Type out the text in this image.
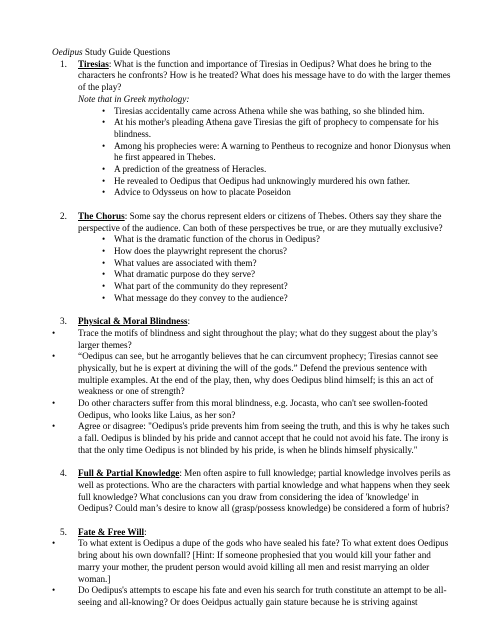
Oedipus Study Guide Questions

1. Tiresias: What is the function and importance of Tiresias in Oedipus? What does he bring to the characters he confronts? How is he treated? What does his message have to do with the larger themes of the play?

Note that in Greek mythology:

• Tiresias accidentally came across Athena while she was bathing, so she blinded him.
• At his mother's pleading Athena gave Tiresias the gift of prophecy to compensate for his blindness.
• Among his prophecies were: A warning to Pentheus to recognize and honor Dionysus when he first appeared in Thebes.
• A prediction of the greatness of Heracles.
• He revealed to Oedipus that Oedipus had unknowingly murdered his own father.
• Advice to Odysseus on how to placate Poseidon
2. The Chorus: Some say the chorus represent elders or citizens of Thebes. Others say they share the perspective of the audience. Can both of these perspectives be true, or are they mutually exclusive?
• What is the dramatic function of the chorus in Oedipus?
• How does the playwright represent the chorus?
• What values are associated with them?
• What dramatic purpose do they serve?
• What part of the community do they represent?
• What message do they convey to the audience?
3. Physical & Moral Blindness:
• Trace the motifs of blindness and sight throughout the play; what do they suggest about the play’s larger themes?
• “Oedipus can see, but he arrogantly believes that he can circumvent prophecy; Tiresias cannot see physically, but he is expert at divining the will of the gods.” Defend the previous sentence with multiple examples. At the end of the play, then, why does Oedipus blind himself; is this an act of weakness or one of strength?
• Do other characters suffer from this moral blindness, e.g. Jocasta, who can't see swollen-footed Oedipus, who looks like Laius, as her son?
• Agree or disagree: "Oedipus's pride prevents him from seeing the truth, and this is why he takes such a fall. Oedipus is blinded by his pride and cannot accept that he could not avoid his fate. The irony is that the only time Oedipus is not blinded by his pride, is when he blinds himself physically."
4. Full & Partial Knowledge: Men often aspire to full knowledge; partial knowledge involves perils as well as protections. Who are the characters with partial knowledge and what happens when they seek full knowledge? What conclusions can you draw from considering the idea of 'knowledge' in Oedipus? Could man’s desire to know all (grasp/possess knowledge) be considered a form of hubris?
5. Fate & Free Will:
• To what extent is Oedipus a dupe of the gods who have sealed his fate? To what extent does Oedipus bring about his own downfall? [Hint: If someone prophesied that you would kill your father and marry your mother, the prudent person would avoid killing all men and resist marrying an older woman.]
• Do Oedipus's attempts to escape his fate and even his search for truth constitute an attempt to be all-seeing and all-knowing? Or does Oeidpus actually gain stature because he is striving against
